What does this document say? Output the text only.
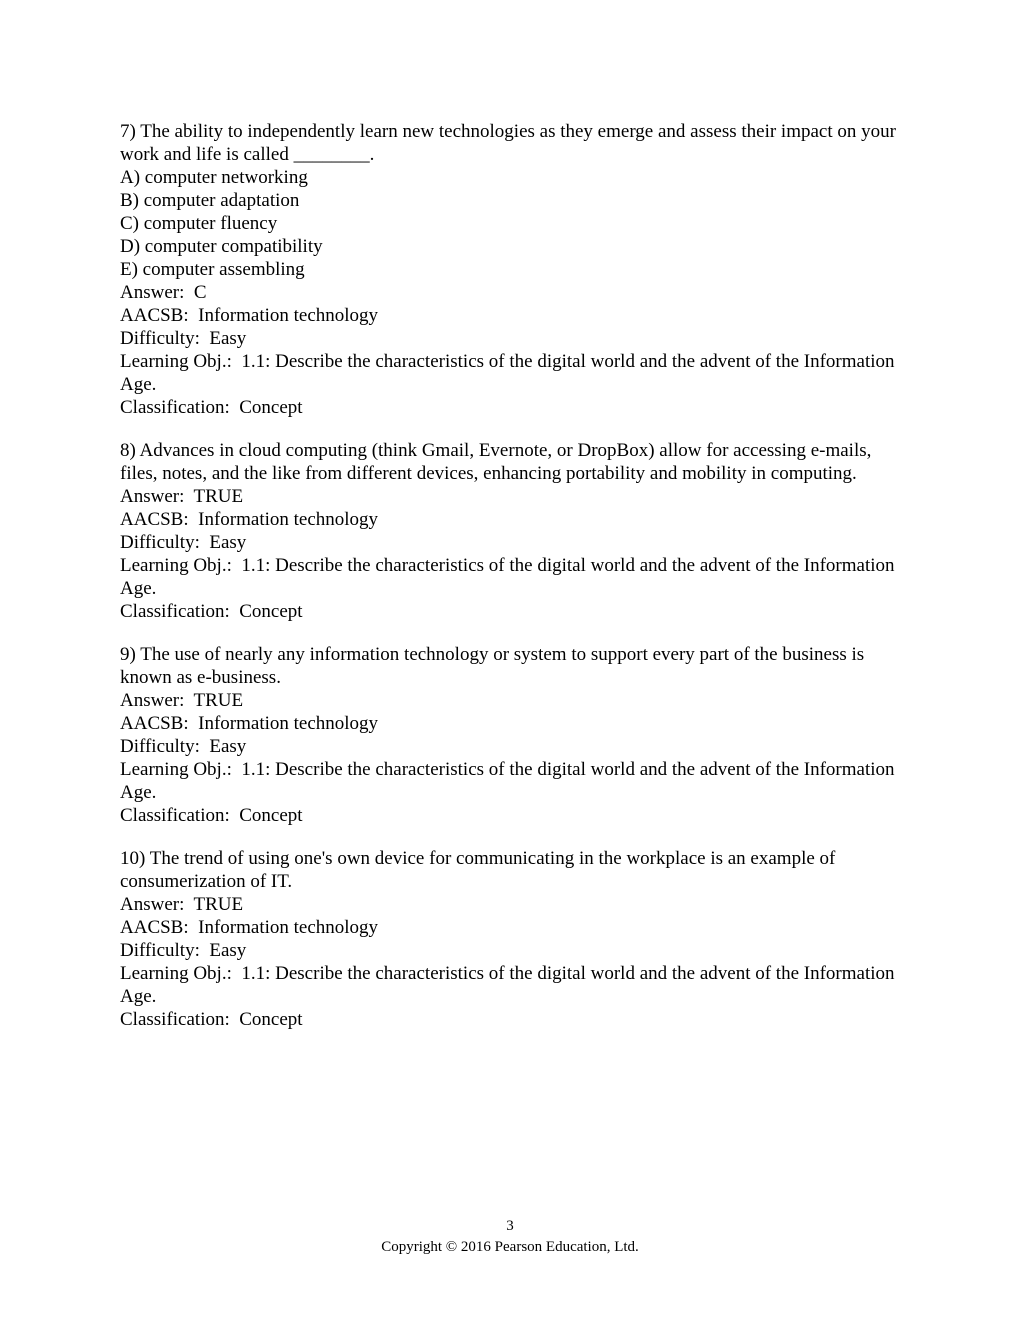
7) The ability to independently learn new technologies as they emerge and assess their impact on your work and life is called ________.
A) computer networking
B) computer adaptation
C) computer fluency
D) computer compatibility
E) computer assembling
Answer:  C
AACSB:  Information technology
Difficulty:  Easy
Learning Obj.:  1.1: Describe the characteristics of the digital world and the advent of the Information Age.
Classification:  Concept
8) Advances in cloud computing (think Gmail, Evernote, or DropBox) allow for accessing e-mails, files, notes, and the like from different devices, enhancing portability and mobility in computing.
Answer:  TRUE
AACSB:  Information technology
Difficulty:  Easy
Learning Obj.:  1.1: Describe the characteristics of the digital world and the advent of the Information Age.
Classification:  Concept
9) The use of nearly any information technology or system to support every part of the business is known as e-business.
Answer:  TRUE
AACSB:  Information technology
Difficulty:  Easy
Learning Obj.:  1.1: Describe the characteristics of the digital world and the advent of the Information Age.
Classification:  Concept
10) The trend of using one's own device for communicating in the workplace is an example of consumerization of IT.
Answer:  TRUE
AACSB:  Information technology
Difficulty:  Easy
Learning Obj.:  1.1: Describe the characteristics of the digital world and the advent of the Information Age.
Classification:  Concept
3
Copyright © 2016 Pearson Education, Ltd.
